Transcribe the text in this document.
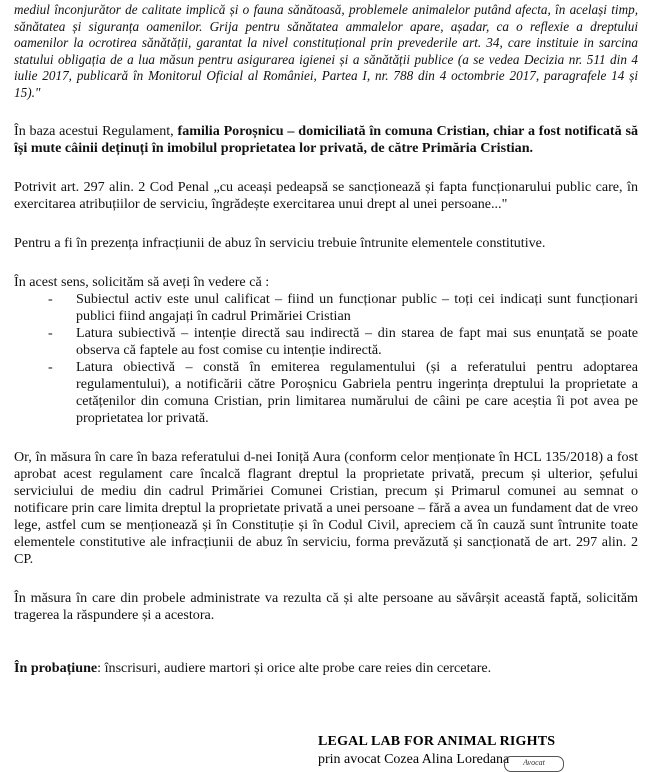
mediul înconjurător de calitate implică și o fauna sănătoasă, problemele animalelor putând afecta, în același timp, sănătatea și siguranța oamenilor. Grija pentru sănătatea ammalelor apare, așadar, ca o reflexie a dreptului oamenilor la ocrotirea sănătății, garantat la nivel constituțional prin prevederile art. 34, care instituie in sarcina statului obligația de a lua măsun pentru asigurarea igienei și a sănătății publice (a se vedea Decizia nr. 511 din 4 iulie 2017, publicară în Monitorul Oficial al României, Partea I, nr. 788 din 4 octombrie 2017, paragrafele 14 și 15)."

În baza acestui Regulament, familia Poroșnicu – domiciliată în comuna Cristian, chiar a fost notificată să își mute câinii deținuți în imobilul proprietatea lor privată, de către Primăria Cristian.

Potrivit art. 297 alin. 2 Cod Penal „cu aceași pedeapsă se sancționează și fapta funcționarului public care, în exercitarea atribuțiilor de serviciu, îngrădește exercitarea unui drept al unei persoane..."

Pentru a fi în prezența infracțiunii de abuz în serviciu trebuie întrunite elementele constitutive.

În acest sens, solicităm să aveți în vedere că :

- Subiectul activ este unul calificat – fiind un funcționar public – toți cei indicați sunt funcționari publici fiind angajați în cadrul Primăriei Cristian
- Latura subiectivă – intenție directă sau indirectă – din starea de fapt mai sus enunțată se poate observa că faptele au fost comise cu intenție indirectă.
- Latura obiectivă – constă în emiterea regulamentului (și a referatului pentru adoptarea regulamentului), a notificării către Poroșnicu Gabriela pentru ingerința dreptului la proprietate a cetățenilor din comuna Cristian, prin limitarea numărului de câini pe care aceștia îi pot avea pe proprietatea lor privată.

Or, în măsura în care în baza referatului d-nei Ioniță Aura (conform celor menționate în HCL 135/2018) a fost aprobat acest regulament care încalcă flagrant dreptul la proprietate privată, precum și ulterior, șefului serviciului de mediu din cadrul Primăriei Comunei Cristian, precum și Primarul comunei au semnat o notificare prin care limita dreptul la proprietate privată a unei persoane – fără a avea un fundament dat de vreo lege, astfel cum se menționează și în Constituție și în Codul Civil, apreciem că în cauză sunt întrunite toate elementele constitutive ale infracțiunii de abuz în serviciu, forma prevăzută și sancționată de art. 297 alin. 2 CP.

În măsura în care din probele administrate va rezulta că și alte persoane au săvârșit această faptă, solicităm tragerea la răspundere și a acestora.

În probațiune: înscrisuri, audiere martori și orice alte probe care reies din cercetare.

LEGAL LAB FOR ANIMAL RIGHTS
prin avocat Cozea Alina Loredana	Avocat
